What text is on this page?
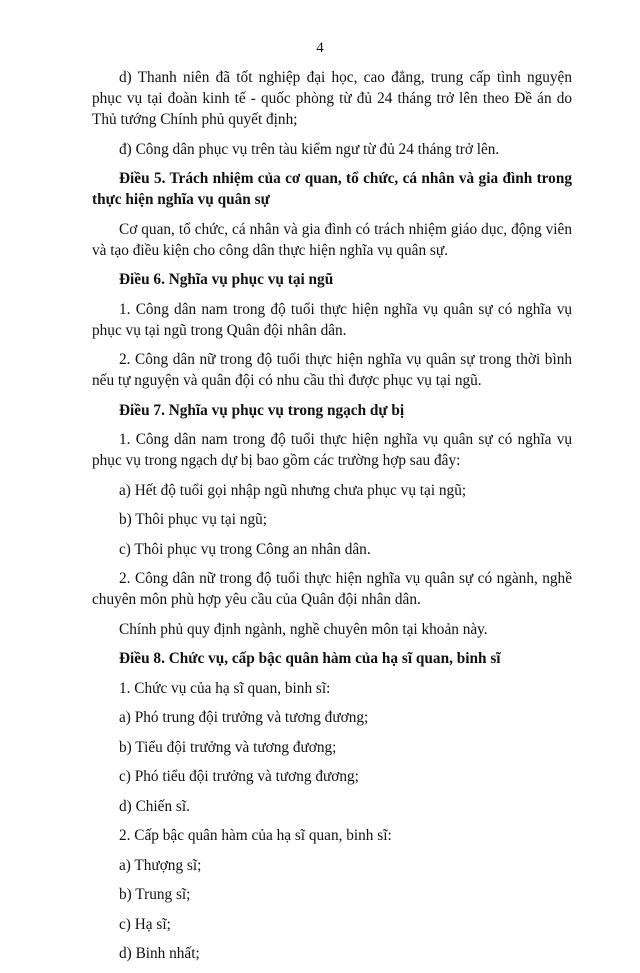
4

d) Thanh niên đã tốt nghiệp đại học, cao đẳng, trung cấp tình nguyện phục vụ tại đoàn kinh tế - quốc phòng từ đủ 24 tháng trở lên theo Đề án do Thủ tướng Chính phủ quyết định;

đ) Công dân phục vụ trên tàu kiểm ngư từ đủ 24 tháng trở lên.

Điều 5. Trách nhiệm của cơ quan, tổ chức, cá nhân và gia đình trong thực hiện nghĩa vụ quân sự

Cơ quan, tổ chức, cá nhân và gia đình có trách nhiệm giáo dục, động viên và tạo điều kiện cho công dân thực hiện nghĩa vụ quân sự.

Điều 6. Nghĩa vụ phục vụ tại ngũ

1. Công dân nam trong độ tuổi thực hiện nghĩa vụ quân sự có nghĩa vụ phục vụ tại ngũ trong Quân đội nhân dân.

2. Công dân nữ trong độ tuổi thực hiện nghĩa vụ quân sự trong thời bình nếu tự nguyện và quân đội có nhu cầu thì được phục vụ tại ngũ.

Điều 7. Nghĩa vụ phục vụ trong ngạch dự bị

1. Công dân nam trong độ tuổi thực hiện nghĩa vụ quân sự có nghĩa vụ phục vụ trong ngạch dự bị bao gồm các trường hợp sau đây:

a) Hết độ tuổi gọi nhập ngũ nhưng chưa phục vụ tại ngũ;

b) Thôi phục vụ tại ngũ;

c) Thôi phục vụ trong Công an nhân dân.

2. Công dân nữ trong độ tuổi thực hiện nghĩa vụ quân sự có ngành, nghề chuyên môn phù hợp yêu cầu của Quân đội nhân dân.

Chính phủ quy định ngành, nghề chuyên môn tại khoản này.

Điều 8. Chức vụ, cấp bậc quân hàm của hạ sĩ quan, binh sĩ

1. Chức vụ của hạ sĩ quan, binh sĩ:

a) Phó trung đội trưởng và tương đương;

b) Tiểu đội trưởng và tương đương;

c) Phó tiểu đội trưởng và tương đương;

d) Chiến sĩ.

2. Cấp bậc quân hàm của hạ sĩ quan, binh sĩ:

a) Thượng sĩ;

b) Trung sĩ;

c) Hạ sĩ;

d) Binh nhất;
